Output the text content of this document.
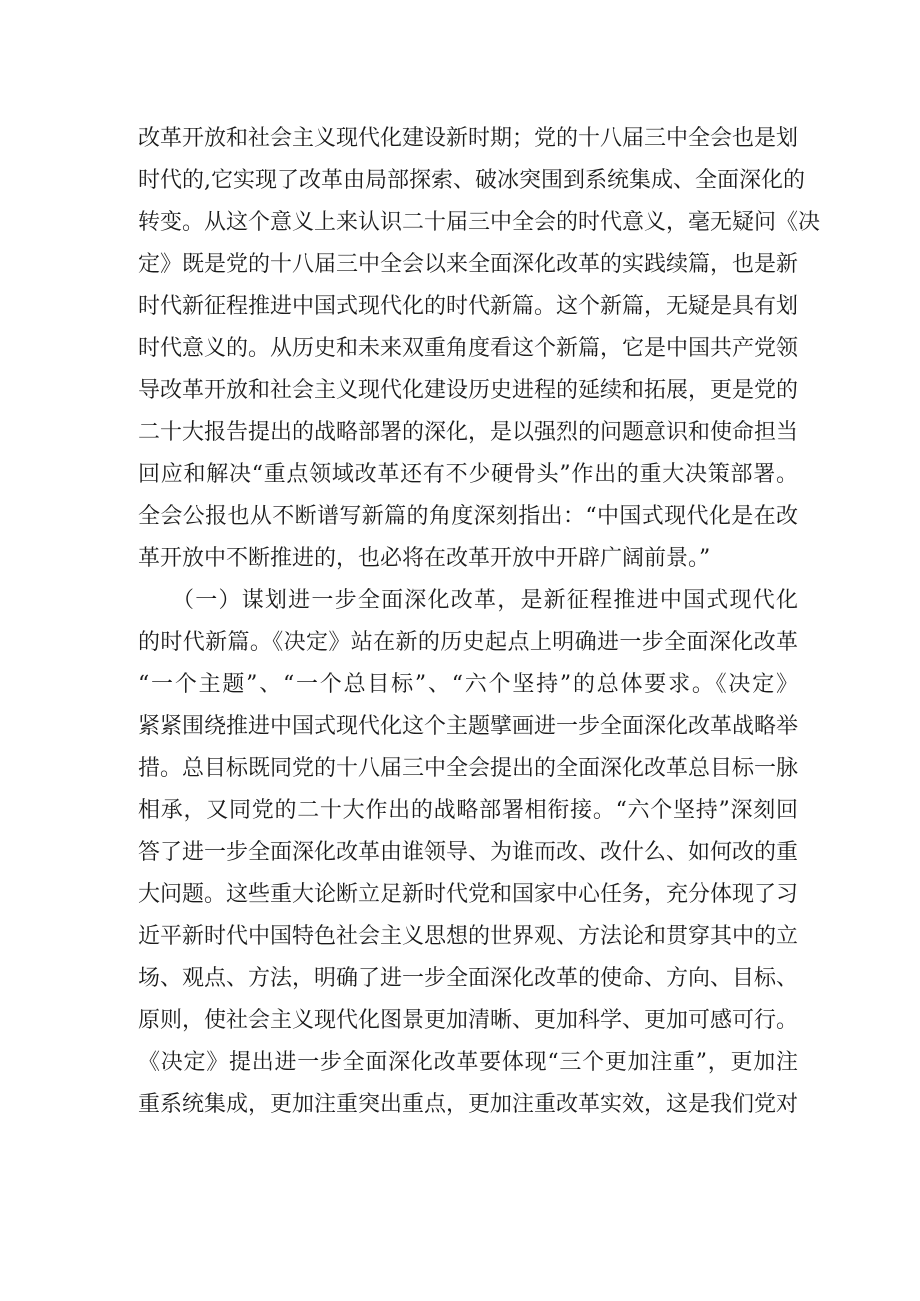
改革开放和社会主义现代化建设新时期；党的十八届三中全会也是划
时代的,它实现了改革由局部探索、破冰突围到系统集成、全面深化的
转变。从这个意义上来认识二十届三中全会的时代意义，毫无疑问《决
定》既是党的十八届三中全会以来全面深化改革的实践续篇，也是新
时代新征程推进中国式现代化的时代新篇。这个新篇，无疑是具有划
时代意义的。从历史和未来双重角度看这个新篇，它是中国共产党领
导改革开放和社会主义现代化建设历史进程的延续和拓展，更是党的
二十大报告提出的战略部署的深化，是以强烈的问题意识和使命担当
回应和解决“重点领域改革还有不少硬骨头”作出的重大决策部署。
全会公报也从不断谱写新篇的角度深刻指出：“中国式现代化是在改
革开放中不断推进的，也必将在改革开放中开辟广阔前景。”
（一）谋划进一步全面深化改革，是新征程推进中国式现代化
的时代新篇。《决定》站在新的历史起点上明确进一步全面深化改革
“一个主题”、“一个总目标”、“六个坚持”的总体要求。《决定》
紧紧围绕推进中国式现代化这个主题擘画进一步全面深化改革战略举
措。总目标既同党的十八届三中全会提出的全面深化改革总目标一脉
相承，又同党的二十大作出的战略部署相衔接。“六个坚持”深刻回
答了进一步全面深化改革由谁领导、为谁而改、改什么、如何改的重
大问题。这些重大论断立足新时代党和国家中心任务，充分体现了习
近平新时代中国特色社会主义思想的世界观、方法论和贯穿其中的立
场、观点、方法，明确了进一步全面深化改革的使命、方向、目标、
原则，使社会主义现代化图景更加清晰、更加科学、更加可感可行。
《决定》提出进一步全面深化改革要体现“三个更加注重”，更加注
重系统集成，更加注重突出重点，更加注重改革实效，这是我们党对
